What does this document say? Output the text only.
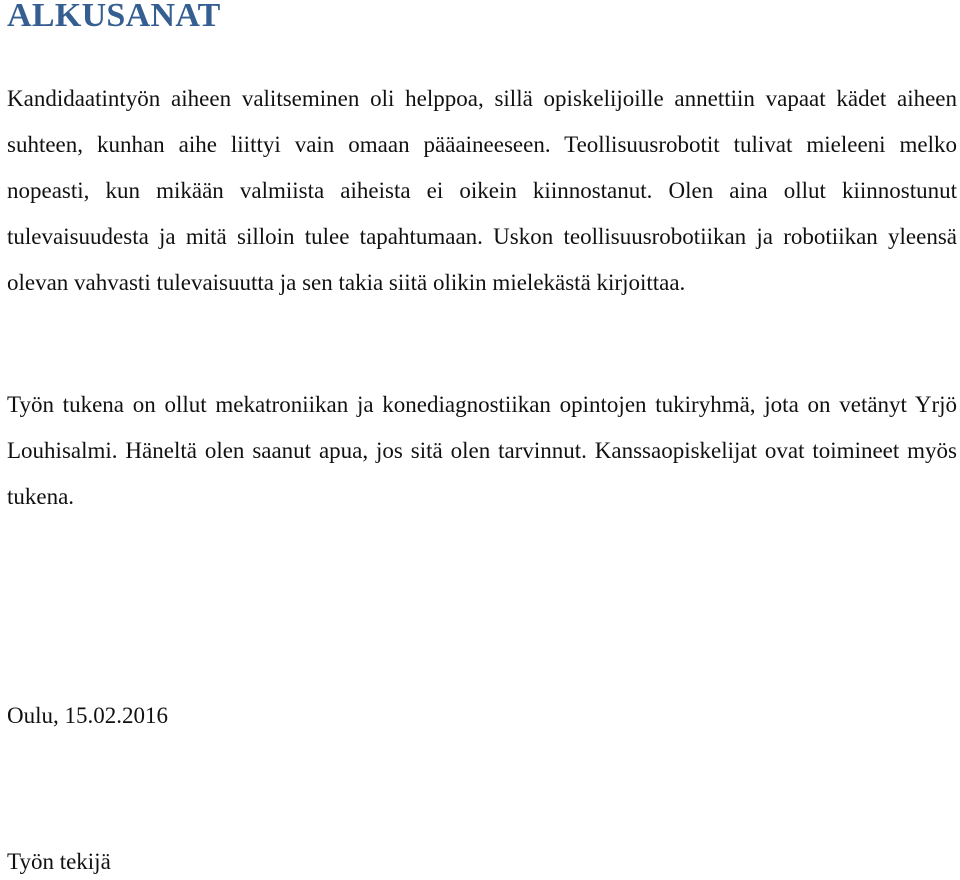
ALKUSANAT

Kandidaatintyön aiheen valitseminen oli helppoa, sillä opiskelijoille annettiin vapaat kädet aiheen suhteen, kunhan aihe liittyi vain omaan pääaineeseen. Teollisuusrobotit tulivat mieleeni melko nopeasti, kun mikään valmiista aiheista ei oikein kiinnostanut. Olen aina ollut kiinnostunut tulevaisuudesta ja mitä silloin tulee tapahtumaan. Uskon teollisuusrobotiikan ja robotiikan yleensä olevan vahvasti tulevaisuutta ja sen takia siitä olikin mielekästä kirjoittaa.

Työn tukena on ollut mekatroniikan ja konediagnostiikan opintojen tukiryhmä, jota on vetänyt Yrjö Louhisalmi. Häneltä olen saanut apua, jos sitä olen tarvinnut. Kanssaopiskelijat ovat toimineet myös tukena.

Oulu, 15.02.2016

Työn tekijä
